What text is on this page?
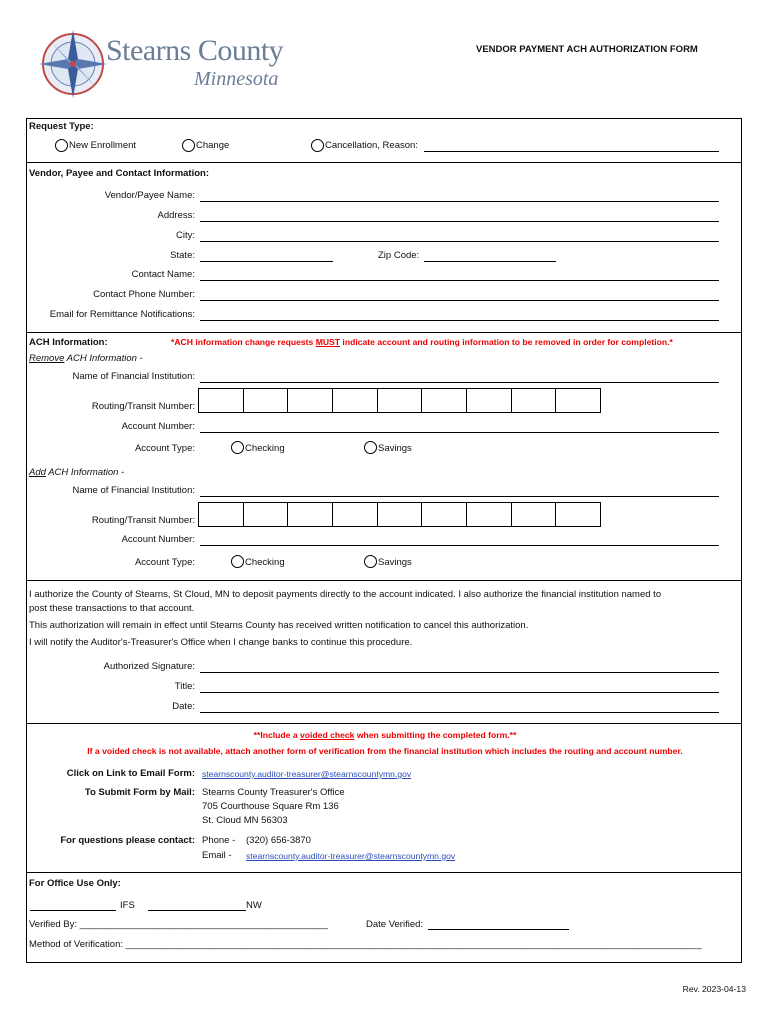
Stearns County
Minnesota
VENDOR PAYMENT ACH AUTHORIZATION FORM
Request Type:
New Enrollment	Change	Cancellation, Reason:
Vendor, Payee and Contact Information:
Vendor/Payee Name:
Address:
City:
State:	Zip Code:
Contact Name:
Contact Phone Number:
Email for Remittance Notifications:
ACH Information:	*ACH information change requests MUST indicate account and routing information to be removed in order for completion.*
Remove ACH Information -
Name of Financial Institution:
Routing/Transit Number:
Account Number:
Account Type:	Checking	Savings
Add ACH Information -
Name of Financial Institution:
Routing/Transit Number:
Account Number:
Account Type:	Checking	Savings
I authorize the County of Stearns, St Cloud, MN to deposit payments directly to the account indicated. I also authorize the financial institution named to
post these transactions to that account.
This authorization will remain in effect until Stearns County has received written notification to cancel this authorization.
I will notify the Auditor's-Treasurer's Office when I change banks to continue this procedure.
Authorized Signature:
Title:
Date:
**Include a voided check when submitting the completed form.**
If a voided check is not available, attach another form of verification from the financial institution which includes the routing and account number.
Click on Link to Email Form: stearnscounty.auditor-treasurer@stearnscountymn.gov
To Submit Form by Mail: Stearns County Treasurer's Office
705 Courthouse Square Rm 136
St. Cloud MN 56303
For questions please contact: Phone - (320) 656-3870
Email - stearnscounty.auditor-treasurer@stearnscountymn.gov
For Office Use Only:
IFS	NW
Verified By: _______________________________________________	Date Verified:
Method of Verification: _____________________________________________________________________________________________________________
Rev. 2023-04-13
